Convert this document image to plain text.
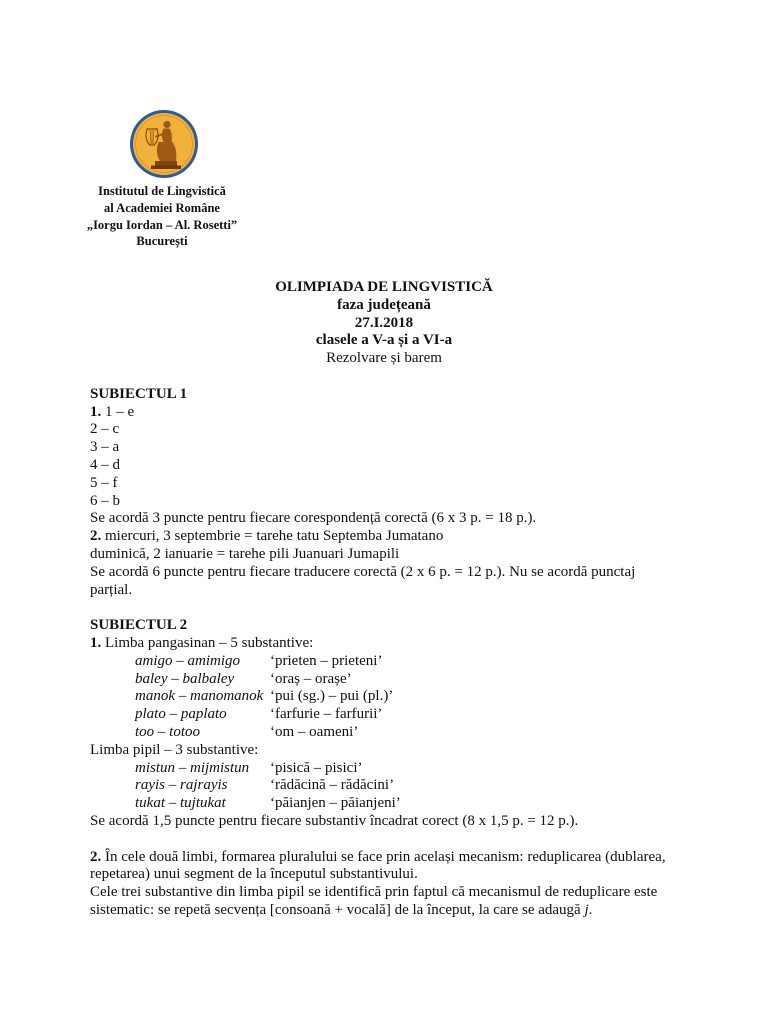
Institutul de Lingvistică
al Academiei Române
„Iorgu Iordan – Al. Rosetti”
București
OLIMPIADA DE LINGVISTICĂ
faza județeană
27.I.2018
clasele a V-a și a VI-a
Rezolvare și barem
SUBIECTUL 1
1. 1 – e
2 – c
3 – a
4 – d
5 – f
6 – b
Se acordă 3 puncte pentru fiecare corespondență corectă (6 x 3 p. = 18 p.).
2. miercuri, 3 septembrie = tarehe tatu Septemba Jumatano
duminică, 2 ianuarie = tarehe pili Juanuari Jumapili
Se acordă 6 puncte pentru fiecare traducere corectă (2 x 6 p. = 12 p.). Nu se acordă punctaj
parțial.
SUBIECTUL 2
1. Limba pangasinan – 5 substantive:
amigo – amimigo ‘prieten – prieteni’
baley – balbaley ‘oraș – orașe’
manok – manomanok ‘pui (sg.) – pui (pl.)’
plato – paplato	‘farfurie – farfurii’
too – totoo	‘om – oameni’
Limba pipil – 3 substantive:
mistun – mijmistun ‘pisică – pisici’
rayis – rajrayis	‘rădăcină – rădăcini’
tukat – tujtukat	‘păianjen – păianjeni’
Se acordă 1,5 puncte pentru fiecare substantiv încadrat corect (8 x 1,5 p. = 12 p.).
2. În cele două limbi, formarea pluralului se face prin același mecanism: reduplicarea (dublarea,
repetarea) unui segment de la începutul substantivului.
Cele trei substantive din limba pipil se identifică prin faptul că mecanismul de reduplicare este
sistematic: se repetă secvența [consoană + vocală] de la început, la care se adaugă j.
